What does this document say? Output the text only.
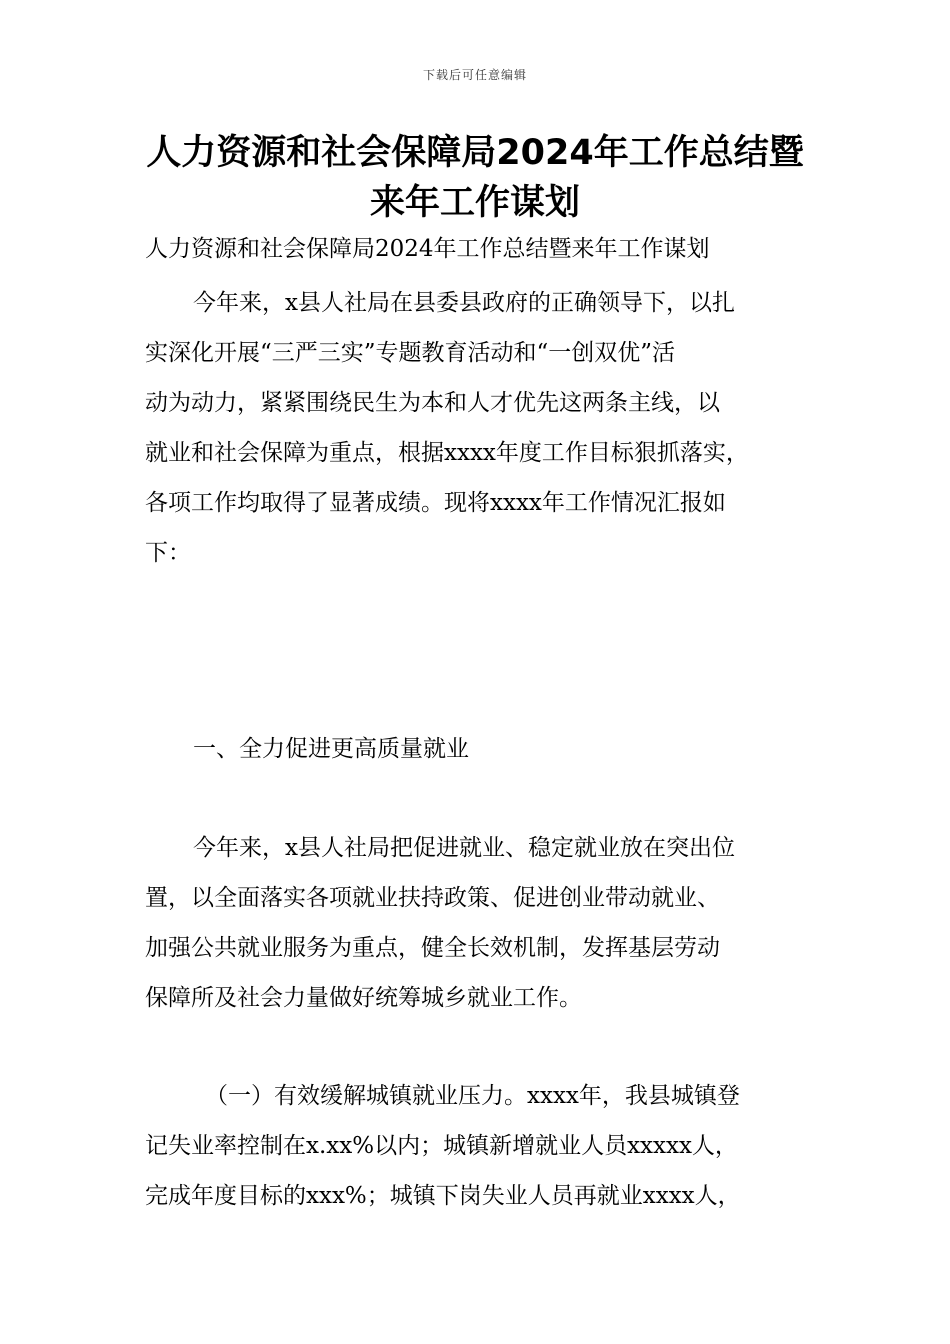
下载后可任意编辑
人力资源和社会保障局2024年工作总结暨
来年工作谋划
人力资源和社会保障局2024年工作总结暨来年工作谋划
今年来，x县人社局在县委县政府的正确领导下，以扎
实深化开展“三严三实”专题教育活动和“一创双优”活
动为动力，紧紧围绕民生为本和人才优先这两条主线，以
就业和社会保障为重点，根据xxxx年度工作目标狠抓落实，
各项工作均取得了显著成绩。现将xxxx年工作情况汇报如
下：
一、全力促进更高质量就业
今年来，x县人社局把促进就业、稳定就业放在突出位
置，以全面落实各项就业扶持政策、促进创业带动就业、
加强公共就业服务为重点，健全长效机制，发挥基层劳动
保障所及社会力量做好统筹城乡就业工作。
（一）有效缓解城镇就业压力。xxxx年，我县城镇登
记失业率控制在x.xx%以内；城镇新增就业人员xxxxx人，
完成年度目标的xxx%；城镇下岗失业人员再就业xxxx人，
